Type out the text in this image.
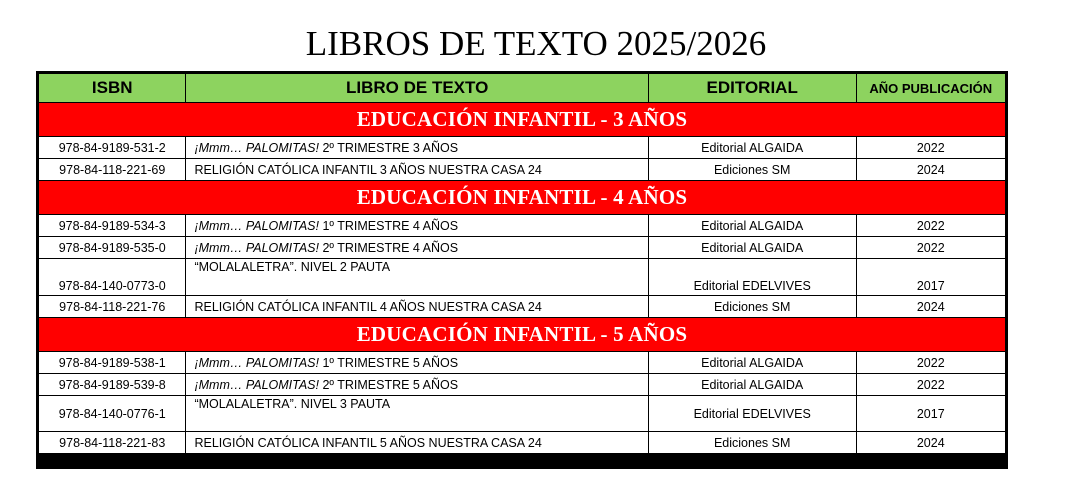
LIBROS DE TEXTO 2025/2026
ISBN	LIBRO DE TEXTO	EDITORIAL	AÑO PUBLICACIÓN
EDUCACIÓN INFANTIL - 3 AÑOS			
978-84-9189-531-2	¡Mmm… PALOMITAS! 2º TRIMESTRE 3 AÑOS	Editorial ALGAIDA	2022
978-84-118-221-69	RELIGIÓN CATÓLICA INFANTIL 3 AÑOS NUESTRA CASA 24	Ediciones SM	2024
EDUCACIÓN INFANTIL - 4 AÑOS			
978-84-9189-534-3	¡Mmm… PALOMITAS! 1º TRIMESTRE 4 AÑOS	Editorial ALGAIDA	2022
978-84-9189-535-0	¡Mmm… PALOMITAS! 2º TRIMESTRE 4 AÑOS	Editorial ALGAIDA	2022
978-84-140-0773-0	“MOLALALETRA”. NIVEL 2 PAUTA	Editorial EDELVIVES	2017
978-84-118-221-76	RELIGIÓN CATÓLICA INFANTIL 4 AÑOS NUESTRA CASA 24	Ediciones SM	2024
EDUCACIÓN INFANTIL - 5 AÑOS			
978-84-9189-538-1	¡Mmm… PALOMITAS! 1º TRIMESTRE 5 AÑOS	Editorial ALGAIDA	2022
978-84-9189-539-8	¡Mmm… PALOMITAS! 2º TRIMESTRE 5 AÑOS	Editorial ALGAIDA	2022
978-84-140-0776-1	“MOLALALETRA”. NIVEL 3 PAUTA	Editorial EDELVIVES	2017
978-84-118-221-83	RELIGIÓN CATÓLICA INFANTIL 5 AÑOS NUESTRA CASA 24	Ediciones SM	2024
